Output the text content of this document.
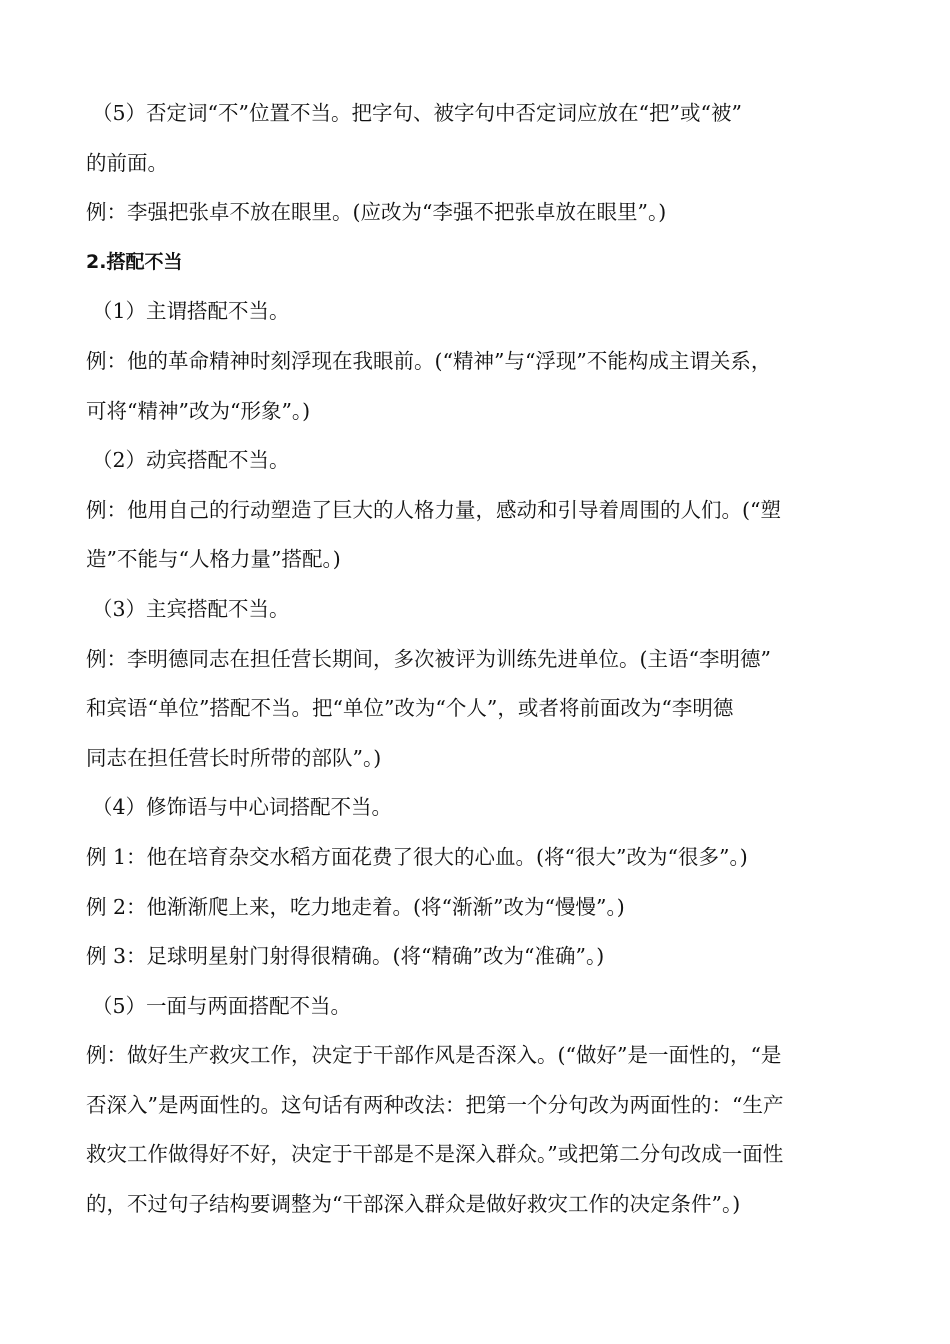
（5）否定词“不”位置不当。把字句、被字句中否定词应放在“把”或“被”
的前面。
例：李强把张卓不放在眼里。(应改为“李强不把张卓放在眼里”。)
2.搭配不当
（1）主谓搭配不当。
例：他的革命精神时刻浮现在我眼前。(“精神”与“浮现”不能构成主谓关系，
可将“精神”改为“形象”。)
（2）动宾搭配不当。
例：他用自己的行动塑造了巨大的人格力量，感动和引导着周围的人们。(“塑
造”不能与“人格力量”搭配。)
（3）主宾搭配不当。
例：李明德同志在担任营长期间，多次被评为训练先进单位。(主语“李明德”
和宾语“单位”搭配不当。把“单位”改为“个人”，或者将前面改为“李明德
同志在担任营长时所带的部队”。)
（4）修饰语与中心词搭配不当。
例 1：他在培育杂交水稻方面花费了很大的心血。(将“很大”改为“很多”。)
例 2：他渐渐爬上来，吃力地走着。(将“渐渐”改为“慢慢”。)
例 3：足球明星射门射得很精确。(将“精确”改为“准确”。)
（5）一面与两面搭配不当。
例：做好生产救灾工作，决定于干部作风是否深入。(“做好”是一面性的，“是
否深入”是两面性的。这句话有两种改法：把第一个分句改为两面性的：“生产
救灾工作做得好不好，决定于干部是不是深入群众。”或把第二分句改成一面性
的，不过句子结构要调整为“干部深入群众是做好救灾工作的决定条件”。)
